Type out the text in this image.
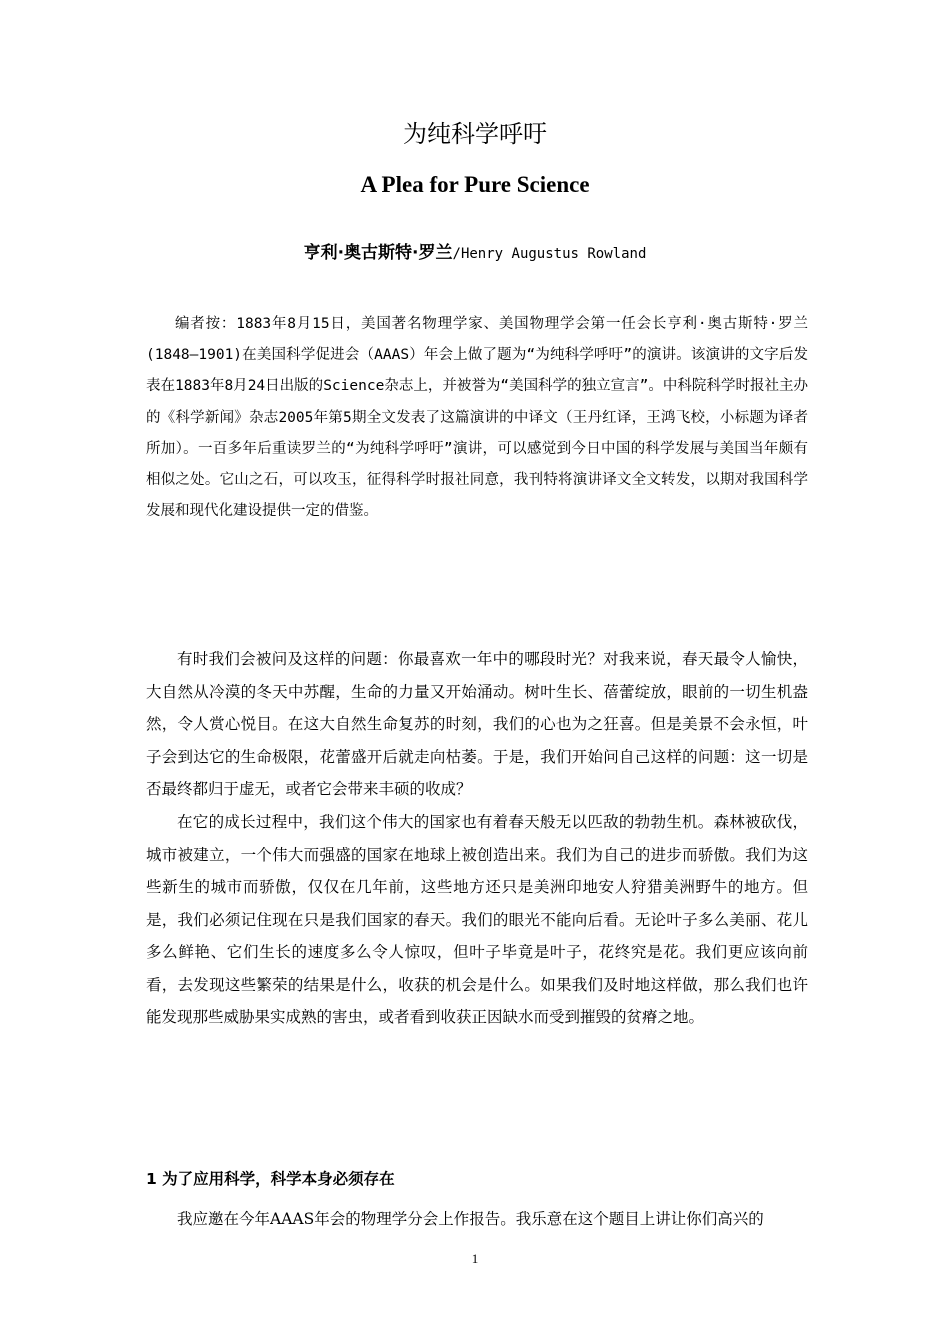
为纯科学呼吁
A Plea for Pure Science
亨利·奥古斯特·罗兰/Henry Augustus Rowland

编者按：1883年8月15日，美国著名物理学家、美国物理学会第一任会长亨利·奥古斯特·罗兰(1848—1901)在美国科学促进会（AAAS）年会上做了题为“为纯科学呼吁”的演讲。该演讲的文字后发表在1883年8月24日出版的Science杂志上，并被誉为“美国科学的独立宣言”。中科院科学时报社主办的《科学新闻》杂志2005年第5期全文发表了这篇演讲的中译文（王丹红译，王鸿飞校，小标题为译者所加）。一百多年后重读罗兰的“为纯科学呼吁”演讲，可以感觉到今日中国的科学发展与美国当年颇有相似之处。它山之石，可以攻玉，征得科学时报社同意，我刊特将演讲译文全文转发，以期对我国科学发展和现代化建设提供一定的借鉴。

有时我们会被问及这样的问题：你最喜欢一年中的哪段时光？对我来说，春天最令人愉快，大自然从冷漠的冬天中苏醒，生命的力量又开始涌动。树叶生长、蓓蕾绽放，眼前的一切生机盎然，令人赏心悦目。在这大自然生命复苏的时刻，我们的心也为之狂喜。但是美景不会永恒，叶子会到达它的生命极限，花蕾盛开后就走向枯萎。于是，我们开始问自己这样的问题：这一切是否最终都归于虚无，或者它会带来丰硕的收成？

在它的成长过程中，我们这个伟大的国家也有着春天般无以匹敌的勃勃生机。森林被砍伐，城市被建立，一个伟大而强盛的国家在地球上被创造出来。我们为自己的进步而骄傲。我们为这些新生的城市而骄傲，仅仅在几年前，这些地方还只是美洲印地安人狩猎美洲野牛的地方。但是，我们必须记住现在只是我们国家的春天。我们的眼光不能向后看。无论叶子多么美丽、花儿多么鲜艳、它们生长的速度多么令人惊叹，但叶子毕竟是叶子，花终究是花。我们更应该向前看，去发现这些繁荣的结果是什么，收获的机会是什么。如果我们及时地这样做，那么我们也许能发现那些威胁果实成熟的害虫，或者看到收获正因缺水而受到摧毁的贫瘠之地。

1 为了应用科学，科学本身必须存在

我应邀在今年AAAS年会的物理学分会上作报告。我乐意在这个题目上讲让你们高兴的

1
